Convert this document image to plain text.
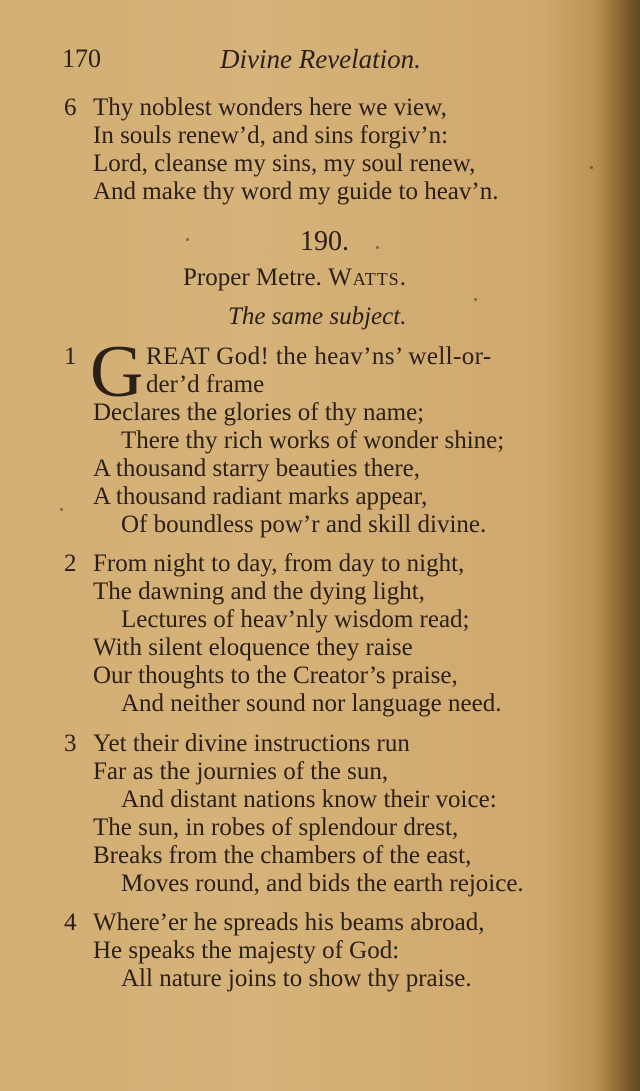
170	Divine Revelation.
6 Thy noblest wonders here we view,
In souls renew’d, and sins forgiv’n:
Lord, cleanse my sins, my soul renew,
And make thy word my guide to heav’n.
190.
Proper Metre. Watts.
The same subject.
1 G REAT God! the heav’ns’ well-or-
der’d frame
Declares the glories of thy name;
There thy rich works of wonder shine;
A thousand starry beauties there,
A thousand radiant marks appear,
Of boundless pow’r and skill divine.
2 From night to day, from day to night,
The dawning and the dying light,
Lectures of heav’nly wisdom read;
With silent eloquence they raise
Our thoughts to the Creator’s praise,
And neither sound nor language need.
3 Yet their divine instructions run
Far as the journies of the sun,
And distant nations know their voice:
The sun, in robes of splendour drest,
Breaks from the chambers of the east,
Moves round, and bids the earth rejoice.
4 Where’er he spreads his beams abroad,
He speaks the majesty of God:
All nature joins to show thy praise.
